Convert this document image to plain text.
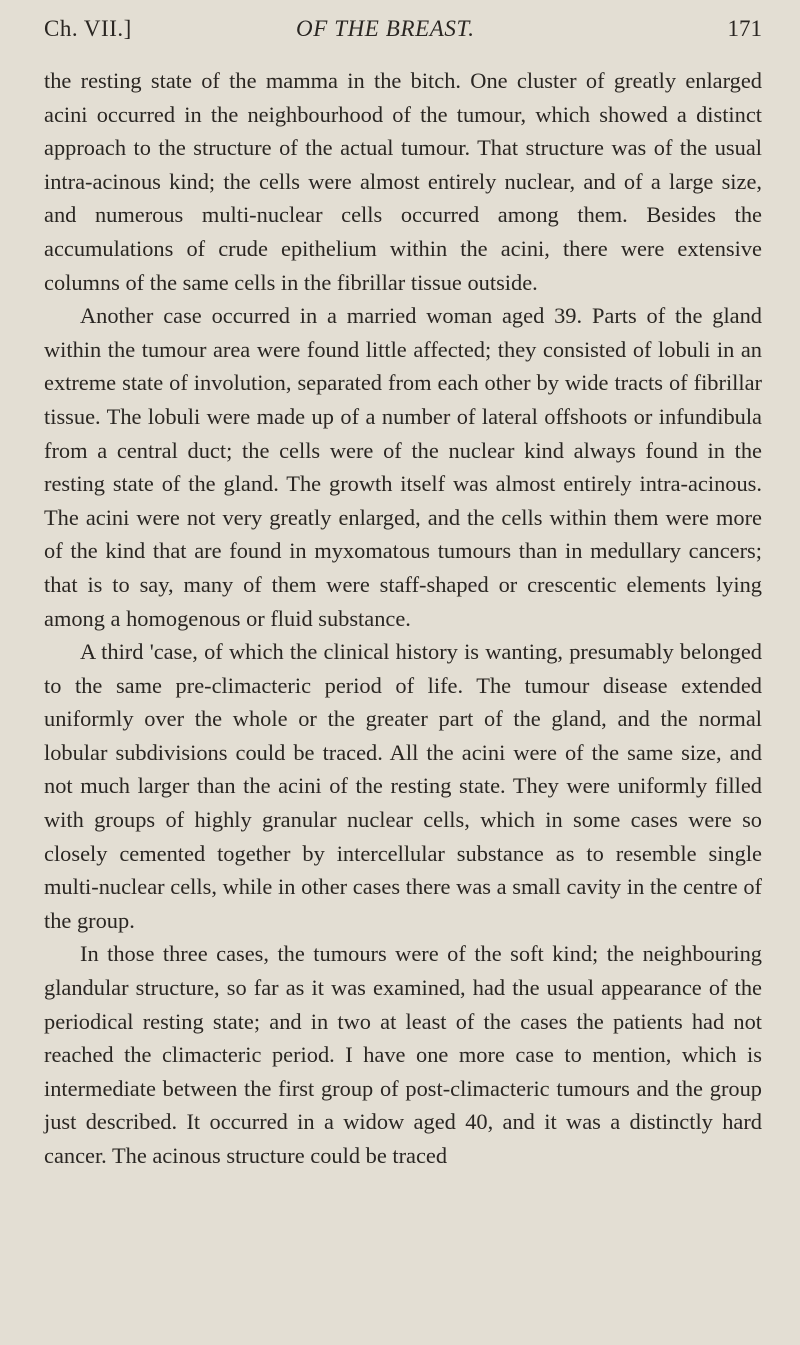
Ch. VII.]	OF THE BREAST.	171

the resting state of the mamma in the bitch. One cluster of greatly enlarged acini occurred in the neighbourhood of the tumour, which showed a distinct approach to the structure of the actual tumour. That structure was of the usual intra-acinous kind; the cells were almost entirely nuclear, and of a large size, and numerous multi-nuclear cells occurred among them. Besides the accumulations of crude epithelium within the acini, there were extensive columns of the same cells in the fibrillar tissue outside.

Another case occurred in a married woman aged 39. Parts of the gland within the tumour area were found little affected; they consisted of lobuli in an extreme state of involution, separated from each other by wide tracts of fibrillar tissue. The lobuli were made up of a number of lateral offshoots or infundibula from a central duct; the cells were of the nuclear kind always found in the resting state of the gland. The growth itself was almost entirely intra-acinous. The acini were not very greatly enlarged, and the cells within them were more of the kind that are found in myxomatous tumours than in medullary cancers; that is to say, many of them were staff-shaped or crescentic elements lying among a homogenous or fluid substance.

A third 'case, of which the clinical history is wanting, presumably belonged to the same pre-climacteric period of life. The tumour disease extended uniformly over the whole or the greater part of the gland, and the normal lobular subdivisions could be traced. All the acini were of the same size, and not much larger than the acini of the resting state. They were uniformly filled with groups of highly granular nuclear cells, which in some cases were so closely cemented together by intercellular substance as to resemble single multi-nuclear cells, while in other cases there was a small cavity in the centre of the group.

In those three cases, the tumours were of the soft kind; the neighbouring glandular structure, so far as it was examined, had the usual appearance of the periodical resting state; and in two at least of the cases the patients had not reached the climacteric period. I have one more case to mention, which is intermediate between the first group of post-climacteric tumours and the group just described. It occurred in a widow aged 40, and it was a distinctly hard cancer. The acinous structure could be traced
